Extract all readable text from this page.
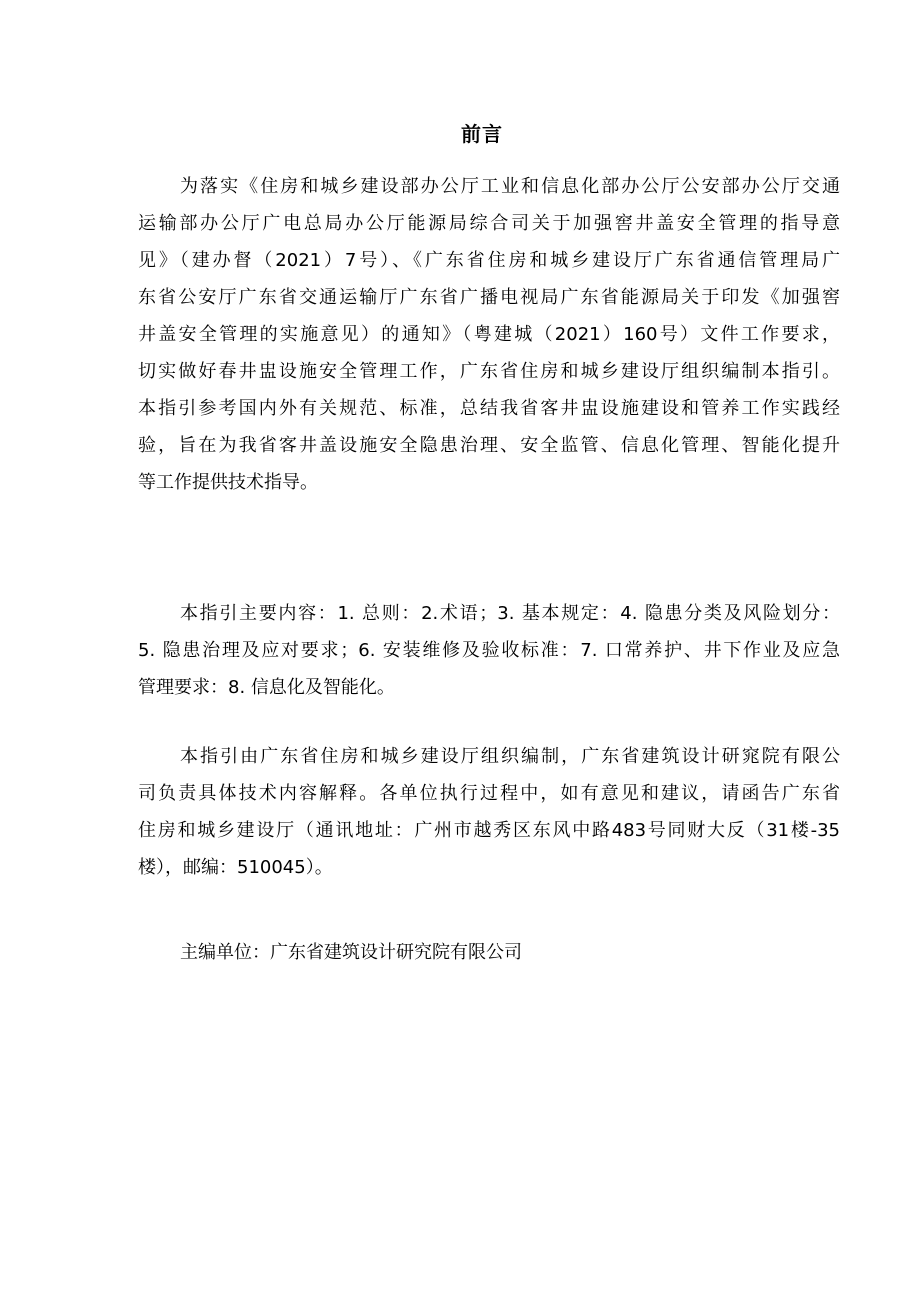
前言
为落实《住房和城乡建设部办公厅工业和信息化部办公厅公安部办公厅交通
运输部办公厅广电总局办公厅能源局综合司关于加强窖井盖安全管理的指导意
见》（建办督（2021）7号）、《广东省住房和城乡建设厅广东省通信管理局广
东省公安厅广东省交通运输厅广东省广播电视局广东省能源局关于印发《加强窖
井盖安全管理的实施意见）的通知》（粤建城（2021）160号）文件工作要求，
切实做好春井盅设施安全管理工作，广东省住房和城乡建设厅组织编制本指引。
本指引参考国内外有关规范、标准，总结我省客井盅设施建设和管养工作实践经
验，旨在为我省客井盖设施安全隐患治理、安全监管、信息化管理、智能化提升
等工作提供技术指导。
本指引主要内容：1. 总则：2.术语；3. 基本规定：4. 隐患分类及风险划分：
5. 隐患治理及应对要求；6. 安装维修及验收标准：7. 口常养护、井下作业及应急
管理要求：8. 信息化及智能化。
本指引由广东省住房和城乡建设厅组织编制，广东省建筑设计研窕院有限公
司负责具体技术内容解释。各单位执行过程中，如有意见和建议，请函告广东省
住房和城乡建设厅（通讯地址：广州市越秀区东风中路483号同财大反（31楼-35
楼），邮编：510045）。
主编单位：广东省建筑设计研究院有限公司
